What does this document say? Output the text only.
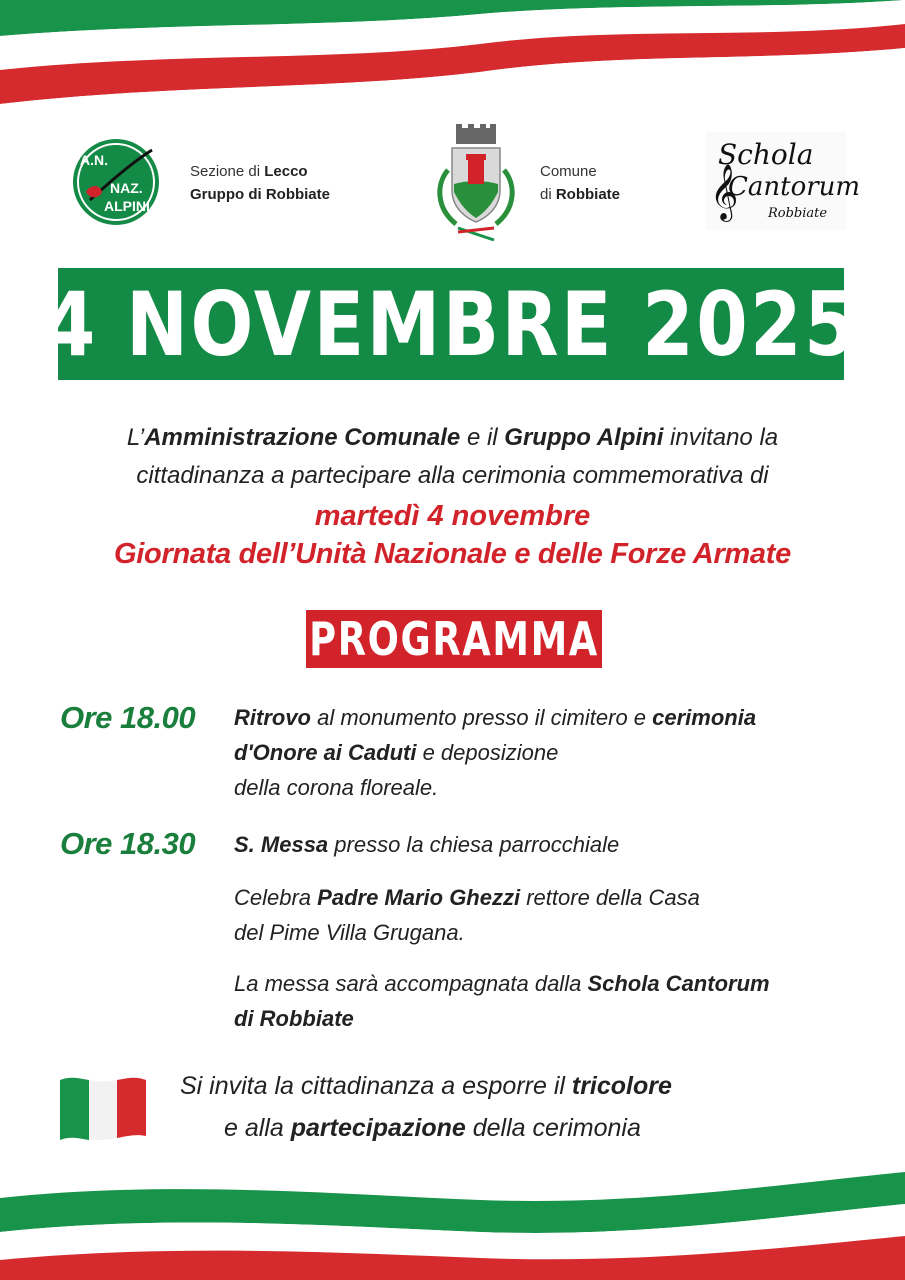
A.N.
NAZ.
ALPINI
Sezione di Lecco
Gruppo di Robbiate
Comune
di Robbiate
Schola
Cantorum
Robbiate
𝄞
4 NOVEMBRE 2025
L’Amministrazione Comunale e il Gruppo Alpini invitano la
cittadinanza a partecipare alla cerimonia commemorativa di
martedì 4 novembre
Giornata dell’Unità Nazionale e delle Forze Armate
PROGRAMMA
Ore 18.00 Ritrovo al monumento presso il cimitero e cerimonia
d'Onore ai Caduti e deposizione
della corona floreale.
Ore 18.30 S. Messa presso la chiesa parrocchiale
Celebra Padre Mario Ghezzi rettore della Casa
del Pime Villa Grugana.
La messa sarà accompagnata dalla Schola Cantorum
di Robbiate
Si invita la cittadinanza a esporre il tricolore
e alla partecipazione della cerimonia
